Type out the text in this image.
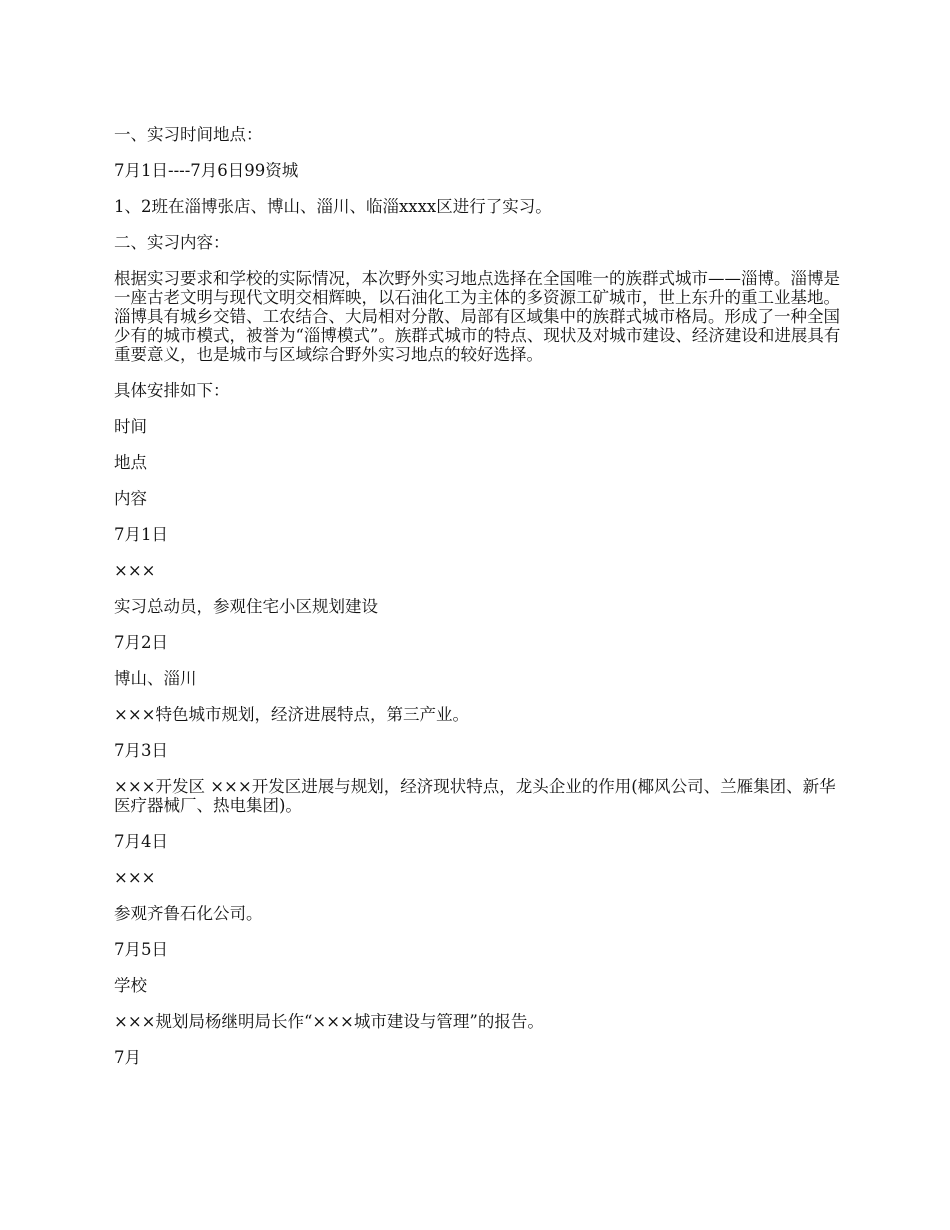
一、实习时间地点：

7月1日----7月6日99资城

1、2班在淄博张店、博山、淄川、临淄xxxx区进行了实习。

二、实习内容：

根据实习要求和学校的实际情况，本次野外实习地点选择在全国唯一的族群式城市——淄博。淄博是一座古老文明与现代文明交相辉映，以石油化工为主体的多资源工矿城市，世上东升的重工业基地。淄博具有城乡交错、工农结合、大局相对分散、局部有区域集中的族群式城市格局。形成了一种全国少有的城市模式，被誉为“淄博模式”。族群式城市的特点、现状及对城市建设、经济建设和进展具有重要意义，也是城市与区域综合野外实习地点的较好选择。

具体安排如下：

时间

地点

内容

7月1日

×××

实习总动员，参观住宅小区规划建设

7月2日

博山、淄川

×××特色城市规划，经济进展特点，第三产业。

7月3日

×××开发区 ×××开发区进展与规划，经济现状特点，龙头企业的作用(椰风公司、兰雁集团、新华医疗器械厂、热电集团)。

7月4日

×××

参观齐鲁石化公司。

7月5日

学校

×××规划局杨继明局长作“×××城市建设与管理”的报告。

7月
